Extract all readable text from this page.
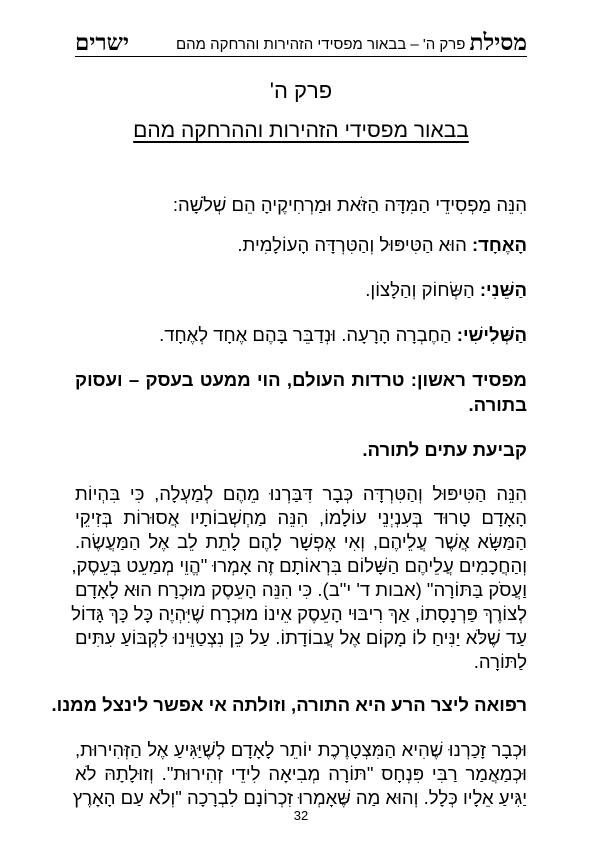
מסילת
פרק ה' – בבאור מפסידי הזהירות והרחקה מהם
ישרים
פרק ה'
בבאור מפסידי הזהירות וההרחקה מהם
הִנֵּה מַפְסִידֵי הַמִּדָּה הַזֹּאת וּמַרְחִיקֶיהָ הֵם שְׁלֹשָׁה:
הָאֶחָד: הוּא הַטִּיפּוּל וְהַטִּרְדָּה הָעוֹלָמִית.
הַשֵּׁנִי: הַשְּׂחוֹק וְהַלָּצוֹן.
הַשְּׁלִישִׁי: הַחֶבְרָה הָרָעָה. וּנְדַבֵּר בָּהֶם אֶחָד לְאֶחָד.
מפסיד ראשון: טרדות העולם, הוי ממעט בעסק – ועסוק
בתורה.
קביעת עתים לתורה.
הִנֵּה הַטִּיפּוּל וְהַטִּרְדָּה כְּבָר דִּבַּרְנוּ מֵהֶם לְמַעְלָה, כִּי בִּהְיוֹת
הָאָדָם טָרוּד בְּעִנְיְנֵי עוֹלָמוֹ, הִנֵּה מַחְשְׁבוֹתָיו אֲסוּרוֹת בְּזִיקֵי
הַמַּשָּׂא אֲשֶׁר עֲלֵיהֶם, וְאִי אֶפְשָׁר לָהֶם לָתֵת לֵב אֶל הַמַּעֲשֶׂה.
וְהַחֲכָמִים עֲלֵיהֶם הַשָּׁלוֹם בִּרְאוֹתָם זֶה אָמְרוּ "הֱוֵי מְמַעֵט בְּעֵסֶק,
וַעֲסֹק בַּתּוֹרָה" (אבות ד' י"ב). כִּי הִנֵּה הָעֵסֶק מוּכְרָח הוּא לָאָדָם
לְצוֹרֶךְ פַּרְנָסָתוֹ, אַךְ רִיבּוּי הָעֵסֶק אֵינוֹ מוּכְרָח שֶׁיִּהְיֶה כָּל כָּךְ גָּדוֹל
עַד שֶׁלֹּא יַנִּיחַ לוֹ מָקוֹם אֶל עֲבוֹדָתוֹ. עַל כֵּן נִצְטַוֵּינוּ לִקְבּוֹעַ עִתִּים
לַתּוֹרָה.
רפואה ליצר הרע היא התורה, וזולתה אי אפשר לינצל ממנו.
וּכְבָר זָכַרְנוּ שֶׁהִיא הַמִּצְטָרֶכֶת יוֹתֵר לָאָדָם לְשֶׁיַּגִּיעַ אֶל הַזְּהִירוּת,
וּכְמַאֲמַר רַבִּי פִּנְחָס "תּוֹרָה מְבִיאָה לִידֵי זְהִירוּת". וְזוּלָתָהּ לֹא
יַגִּיעַ אֵלָיו כְּלָל. וְהוּא מַה שֶּׁאָמְרוּ זִכְרוֹנָם לִבְרָכָה "וְלֹא עַם הָאָרֶץ
32
